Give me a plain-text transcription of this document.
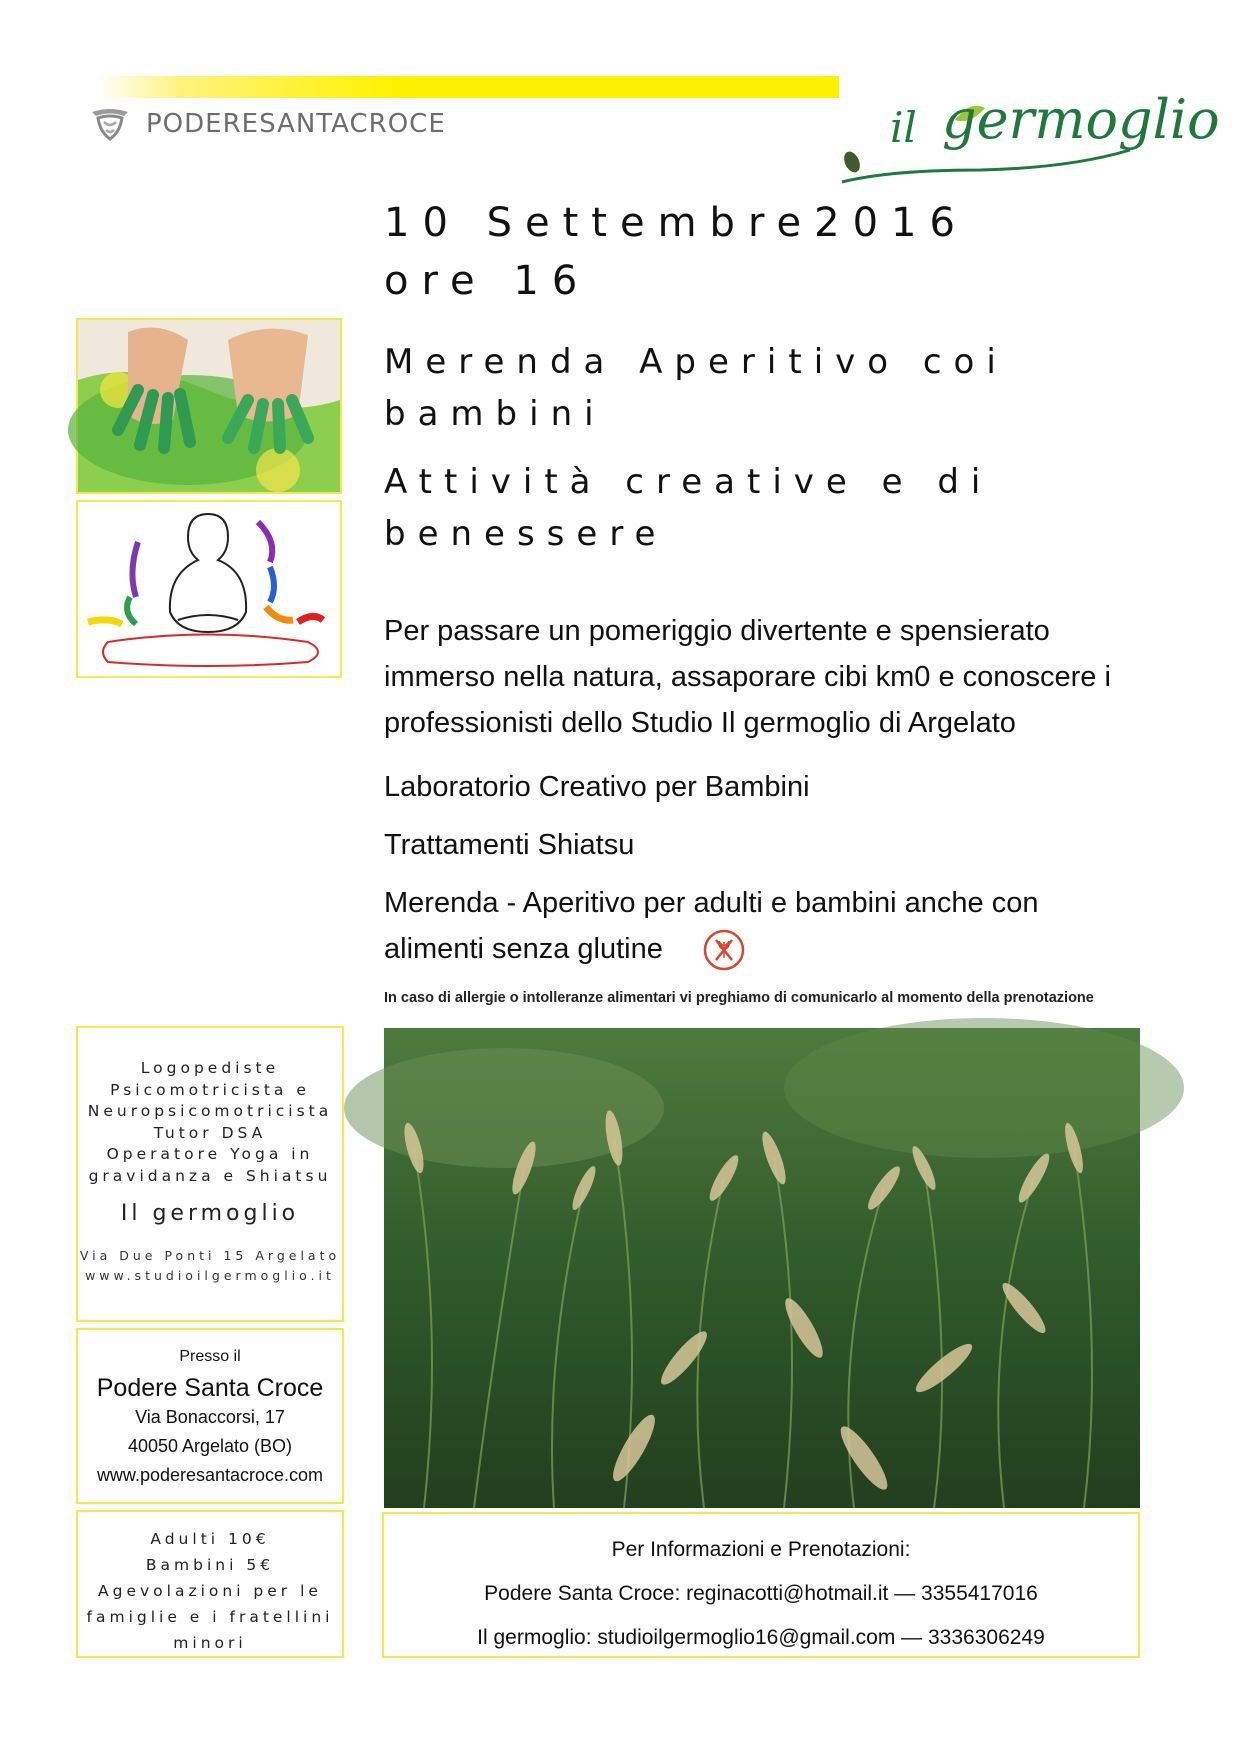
PODERESANTACROCE	il germoglio
10 Settembre2016
ore 16
Merenda Aperitivo coi
bambini
Attività creative e di
benessere
Per passare un pomeriggio divertente e spensierato
immerso nella natura, assaporare cibi km0 e conoscere i
professionisti dello Studio Il germoglio di Argelato
Laboratorio Creativo per Bambini
Trattamenti Shiatsu
Merenda - Aperitivo per adulti e bambini anche con
alimenti senza glutine
In caso di allergie o intolleranze alimentari vi preghiamo di comunicarlo al momento della prenotazione
Logopediste
Psicomotricista e
Neuropsicomotricista
Tutor DSA
Operatore Yoga in
gravidanza e Shiatsu
Il germoglio
Via Due Ponti 15 Argelato
www.studioilgermoglio.it
Presso il
Podere Santa Croce
Via Bonaccorsi, 17
40050 Argelato (BO)
www.poderesantacroce.com
Adulti 10€
Bambini 5€
Agevolazioni per le
famiglie e i fratellini
minori
Per Informazioni e Prenotazioni:
Podere Santa Croce: reginacotti@hotmail.it — 3355417016
Il germoglio: studioilgermoglio16@gmail.com — 3336306249
